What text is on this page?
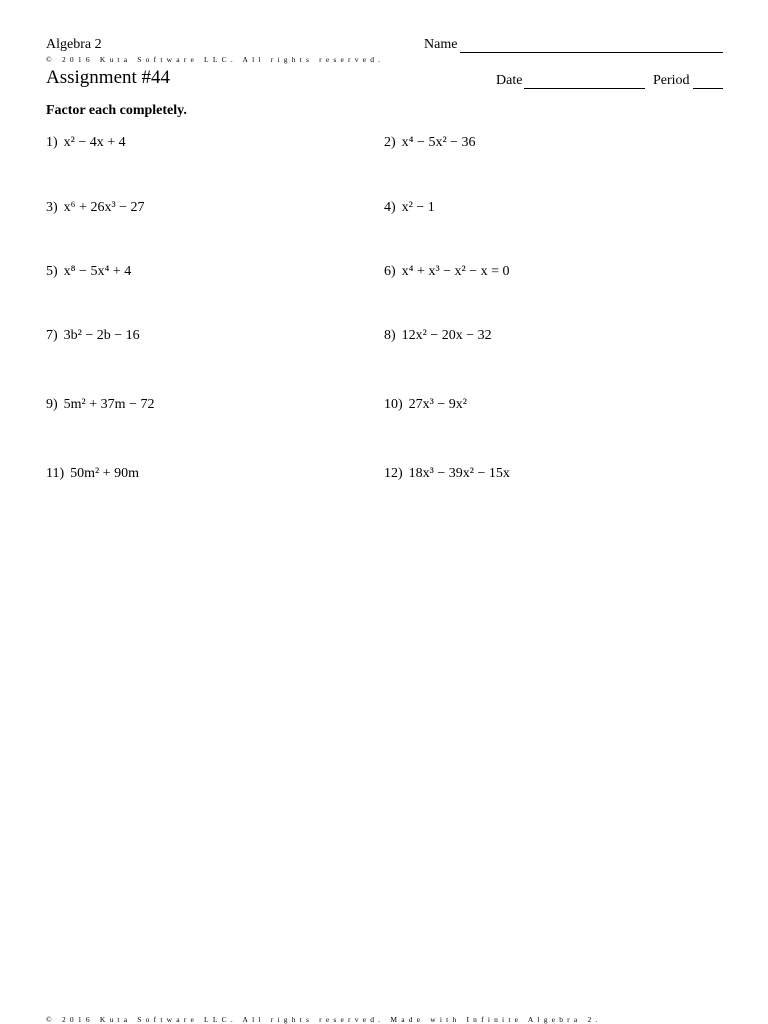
Algebra 2	Name
© 2016 Kuta Software LLC. All rights reserved.
Assignment #44	Date	Period
Factor each completely.
1) x² − 4x + 4	2) x⁴ − 5x² − 36
3) x⁶ + 26x³ − 27	4) x² − 1
5) x⁸ − 5x⁴ + 4	6) x⁴ + x³ − x² − x = 0
7) 3b² − 2b − 16	8) 12x² − 20x − 32
9) 5m² + 37m − 72	10) 27x³ − 9x²
11) 50m² + 90m	12) 18x³ − 39x² − 15x
© 2016 Kuta Software LLC. All rights reserved. Made with Infinite Algebra 2.
